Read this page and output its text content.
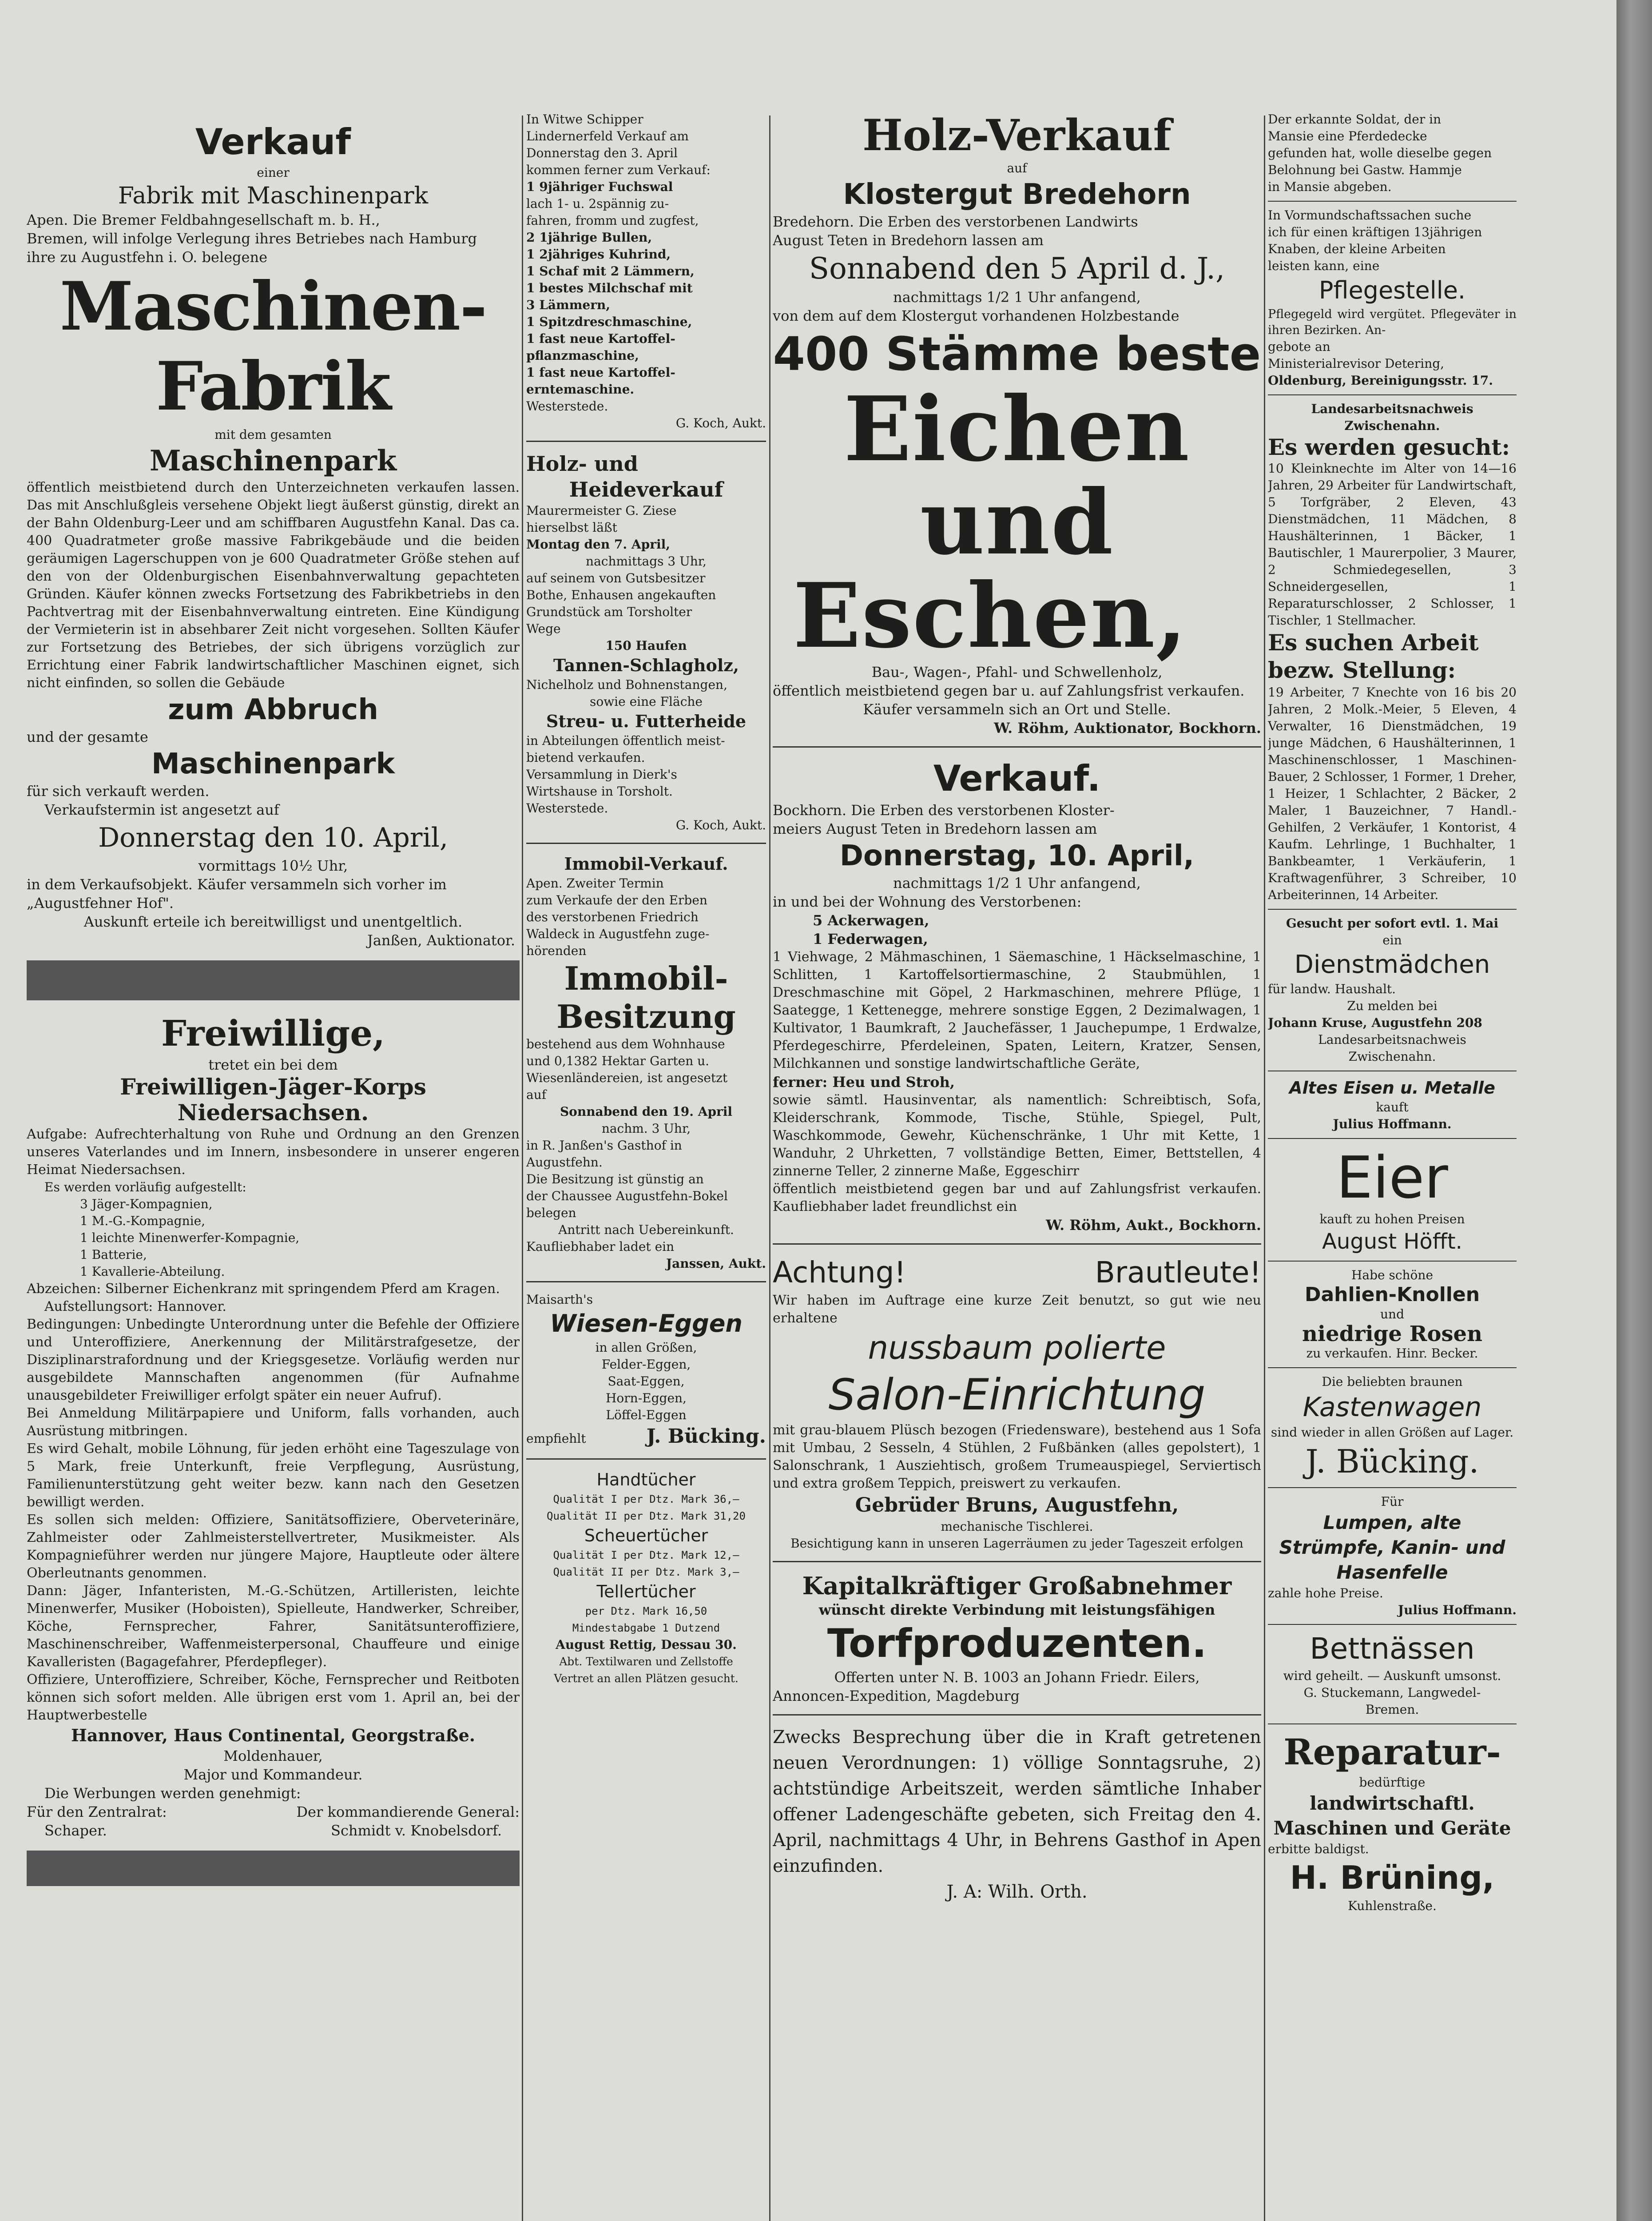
Verkauf
einer
Fabrik mit Maschinenpark
Apen. Die Bremer Feldbahngesellschaft m. b. H.,
Bremen, will infolge Verlegung ihres Betriebes nach Hamburg
ihre zu Augustfehn i. O. belegene
Maschinen-Fabrik
mit dem gesamten
Maschinenpark

öffentlich meistbietend durch den Unterzeichneten verkaufen lassen. Das mit Anschlußgleis versehene Objekt liegt äußerst günstig, direkt an der Bahn Oldenburg-Leer und am schiffbaren Augustfehn Kanal. Das ca. 400 Quadratmeter große massive Fabrikgebäude und die beiden geräumigen Lagerschuppen von je 600 Quadratmeter Größe stehen auf den von der Oldenburgischen Eisenbahnverwaltung gepachteten Gründen. Käufer können zwecks Fortsetzung des Fabrikbetriebs in den Pachtvertrag mit der Eisenbahnverwaltung eintreten. Eine Kündigung der Vermieterin ist in absehbarer Zeit nicht vorgesehen. Sollten Käufer zur Fortsetzung des Betriebes, der sich übrigens vorzüglich zur Errichtung einer Fabrik landwirtschaftlicher Maschinen eignet, sich nicht einfinden, so sollen die Gebäude

zum Abbruch
und der gesamte
Maschinenpark
für sich verkauft werden.
Verkaufstermin ist angesetzt auf
Donnerstag den 10. April,
vormittags 10½ Uhr,
in dem Verkaufsobjekt. Käufer versammeln sich vorher im
„Augustfehner Hof".
Auskunft erteile ich bereitwilligst und unentgeltlich.
Janßen, Auktionator.
Freiwillige,
tretet ein bei dem
Freiwilligen-Jäger-Korps Niedersachsen.

Aufgabe: Aufrechterhaltung von Ruhe und Ordnung an den Grenzen unseres Vaterlandes und im Innern, insbesondere in unserer engeren Heimat Niedersachsen.

Es werden vorläufig aufgestellt:
3 Jäger-Kompagnien,
1 M.-G.-Kompagnie,
1 leichte Minenwerfer-Kompagnie,
1 Batterie,
1 Kavallerie-Abteilung.

Abzeichen: Silberner Eichenkranz mit springendem Pferd am Kragen.

Aufstellungsort: Hannover.

Bedingungen: Unbedingte Unterordnung unter die Befehle der Offiziere und Unteroffiziere, Anerkennung der Militärstrafgesetze, der Disziplinarstrafordnung und der Kriegsgesetze. Vorläufig werden nur ausgebildete Mannschaften angenommen (für Aufnahme unausgebildeter Freiwilliger erfolgt später ein neuer Aufruf).

Bei Anmeldung Militärpapiere und Uniform, falls vorhanden, auch Ausrüstung mitbringen.

Es wird Gehalt, mobile Löhnung, für jeden erhöht eine Tageszulage von 5 Mark, freie Unterkunft, freie Verpflegung, Ausrüstung, Familienunterstützung geht weiter bezw. kann nach den Gesetzen bewilligt werden.

Es sollen sich melden: Offiziere, Sanitätsoffiziere, Oberveterinäre, Zahlmeister oder Zahlmeisterstellvertreter, Musikmeister. Als Kompagnieführer werden nur jüngere Majore, Hauptleute oder ältere Oberleutnants genommen.

Dann: Jäger, Infanteristen, M.-G.-Schützen, Artilleristen, leichte Minenwerfer, Musiker (Hoboisten), Spielleute, Handwerker, Schreiber, Köche, Fernsprecher, Fahrer, Sanitätsunteroffiziere, Maschinenschreiber, Waffenmeisterpersonal, Chauffeure und einige Kavalleristen (Bagagefahrer, Pferdepfleger).

Offiziere, Unteroffiziere, Schreiber, Köche, Fernsprecher und Reitboten können sich sofort melden. Alle übrigen erst vom 1. April an, bei der Hauptwerbestelle

Hannover, Haus Continental, Georgstraße.
Moldenhauer,
Major und Kommandeur.
Die Werbungen werden genehmigt:
Für den Zentralrat:	Der kommandierende General:
Schaper.	Schmidt v. Knobelsdorf.
In Witwe Schipper
Lindernerfeld Verkauf am
Donnerstag den 3. April
kommen ferner zum Verkauf:
1 9jähriger Fuchswal
lach 1- u. 2spännig zu-
fahren, fromm und zugfest,
2 1jährige Bullen,
1 2jähriges Kuhrind,
1 Schaf mit 2 Lämmern,
1 bestes Milchschaf mit
3 Lämmern,
1 Spitzdreschmaschine,
1 fast neue Kartoffel-
pflanzmaschine,
1 fast neue Kartoffel-
erntemaschine.
Westerstede.
G. Koch, Aukt.
Holz- und
Heideverkauf
Maurermeister G. Ziese
hierselbst läßt
Montag den 7. April,
nachmittags 3 Uhr,
auf seinem von Gutsbesitzer
Bothe, Enhausen angekauften
Grundstück am Torsholter
Wege
150 Haufen
Tannen-Schlagholz,
Nichelholz und Bohnenstangen,
sowie eine Fläche
Streu- u. Futterheide
in Abteilungen öffentlich meist-
bietend verkaufen.
Versammlung in Dierk's
Wirtshause in Torsholt.
Westerstede.
G. Koch, Aukt.
Immobil-Verkauf.
Apen. Zweiter Termin
zum Verkaufe der den Erben
des verstorbenen Friedrich
Waldeck in Augustfehn zuge-
hörenden
Immobil-Besitzung
bestehend aus dem Wohnhause
und 0,1382 Hektar Garten u.
Wiesenländereien, ist angesetzt
auf
Sonnabend den 19. April
nachm. 3 Uhr,
in R. Janßen's Gasthof in
Augustfehn.
Die Besitzung ist günstig an
der Chaussee Augustfehn-Bokel
belegen
Antritt nach Uebereinkunft.
Kaufliebhaber ladet ein
Janssen, Aukt.
Maisarth's
Wiesen-Eggen
in allen Größen,
Felder-Eggen,
Saat-Eggen,
Horn-Eggen,
Löffel-Eggen
empfiehlt	J. Bücking.
Handtücher
Qualität I per Dtz. Mark 36,—
Qualität II per Dtz. Mark 31,20
Scheuertücher
Qualität I per Dtz. Mark 12,—
Qualität II per Dtz. Mark 3,—
Tellertücher
per Dtz. Mark 16,50
Mindestabgabe 1 Dutzend
August Rettig, Dessau 30.
Abt. Textilwaren und Zellstoffe
Vertret an allen Plätzen gesucht.
Holz-Verkauf
auf
Klostergut Bredehorn
Bredehorn. Die Erben des verstorbenen Landwirts
August Teten in Bredehorn lassen am
Sonnabend den 5 April d. J.,
nachmittags 1/2 1 Uhr anfangend,
von dem auf dem Klostergut vorhandenen Holzbestande
400 Stämme beste
Eichen und
Eschen,
Bau-, Wagen-, Pfahl- und Schwellenholz,
öffentlich meistbietend gegen bar u. auf Zahlungsfrist verkaufen.
Käufer versammeln sich an Ort und Stelle.
W. Röhm, Auktionator, Bockhorn.
Verkauf.
Bockhorn. Die Erben des verstorbenen Kloster-
meiers August Teten in Bredehorn lassen am
Donnerstag, 10. April,
nachmittags 1/2 1 Uhr anfangend,
in und bei der Wohnung des Verstorbenen:
5 Ackerwagen,
1 Federwagen,

1 Viehwage, 2 Mähmaschinen, 1 Säemaschine, 1 Häckselmaschine, 1 Schlitten, 1 Kartoffelsortiermaschine, 2 Staubmühlen, 1 Dreschmaschine mit Göpel, 2 Harkmaschinen, mehrere Pflüge, 1 Saategge, 1 Kettenegge, mehrere sonstige Eggen, 2 Dezimalwagen, 1 Kultivator, 1 Baumkraft, 2 Jauchefässer, 1 Jauchepumpe, 1 Erdwalze, Pferdegeschirre, Pferdeleinen, Spaten, Leitern, Kratzer, Sensen, Milchkannen und sonstige landwirtschaftliche Geräte,

ferner: Heu und Stroh,

sowie sämtl. Hausinventar, als namentlich: Schreibtisch, Sofa, Kleiderschrank, Kommode, Tische, Stühle, Spiegel, Pult, Waschkommode, Gewehr, Küchenschränke, 1 Uhr mit Kette, 1 Wanduhr, 2 Uhrketten, 7 vollständige Betten, Eimer, Bettstellen, 4 zinnerne Teller, 2 zinnerne Maße, Eggeschirr

öffentlich meistbietend gegen bar und auf Zahlungsfrist verkaufen. Kaufliebhaber ladet freundlichst ein

W. Röhm, Aukt., Bockhorn.
Achtung!	Brautleute!

Wir haben im Auftrage eine kurze Zeit benutzt, so gut wie neu erhaltene

nussbaum polierte
Salon-Einrichtung

mit grau-blauem Plüsch bezogen (Friedensware), bestehend aus 1 Sofa mit Umbau, 2 Sesseln, 4 Stühlen, 2 Fußbänken (alles gepolstert), 1 Salonschrank, 1 Ausziehtisch, großem Trumeauspiegel, Serviertisch und extra großem Teppich, preiswert zu verkaufen.

Gebrüder Bruns, Augustfehn,
mechanische Tischlerei.
Besichtigung kann in unseren Lagerräumen zu jeder Tageszeit erfolgen
Kapitalkräftiger Großabnehmer
wünscht direkte Verbindung mit leistungsfähigen
Torfproduzenten.
Offerten unter N. B. 1003 an Johann Friedr. Eilers,
Annoncen-Expedition, Magdeburg

Zwecks Besprechung über die in Kraft getretenen neuen Verordnungen: 1) völlige Sonntagsruhe, 2) achtstündige Arbeitszeit, werden sämtliche Inhaber offener Ladengeschäfte gebeten, sich Freitag den 4. April, nachmittags 4 Uhr, in Behrens Gasthof in Apen einzufinden.

J. A: Wilh. Orth.
Der erkannte Soldat, der in
Mansie eine Pferdedecke
gefunden hat, wolle dieselbe gegen
Belohnung bei Gastw. Hammje
in Mansie abgeben.
In Vormundschaftssachen suche
ich für einen kräftigen 13jährigen
Knaben, der kleine Arbeiten
leisten kann, eine
Pflegestelle.

Pflegegeld wird vergütet. Pflegeväter in ihren Bezirken. An-

gebote an
Ministerialrevisor Detering,
Oldenburg, Bereinigungsstr. 17.
Landesarbeitsnachweis Zwischenahn.
Es werden gesucht:

10 Kleinknechte im Alter von 14—16 Jahren, 29 Arbeiter für Landwirtschaft, 5 Torfgräber, 2 Eleven, 43 Dienstmädchen, 11 Mädchen, 8 Haushälterinnen, 1 Bäcker, 1 Bautischler, 1 Maurerpolier, 3 Maurer, 2 Schmiedegesellen, 3 Schneidergesellen, 1 Reparaturschlosser, 2 Schlosser, 1 Tischler, 1 Stellmacher.

Es suchen Arbeit bezw. Stellung:

19 Arbeiter, 7 Knechte von 16 bis 20 Jahren, 2 Molk.-Meier, 5 Eleven, 4 Verwalter, 16 Dienstmädchen, 19 junge Mädchen, 6 Haushälterinnen, 1 Maschinenschlosser, 1 Maschinen-Bauer, 2 Schlosser, 1 Former, 1 Dreher, 1 Heizer, 1 Schlachter, 2 Bäcker, 2 Maler, 1 Bauzeichner, 7 Handl.-Gehilfen, 2 Verkäufer, 1 Kontorist, 4 Kaufm. Lehrlinge, 1 Buchhalter, 1 Bankbeamter, 1 Verkäuferin, 1 Kraftwagenführer, 3 Schreiber, 10 Arbeiterinnen, 14 Arbeiter.

Gesucht per sofort evtl. 1. Mai
ein
Dienstmädchen
für landw. Haushalt.
Zu melden bei
Johann Kruse, Augustfehn 208
Landesarbeitsnachweis
Zwischenahn.
Altes Eisen u. Metalle
kauft
Julius Hoffmann.
Eier
kauft zu hohen Preisen
August Höfft.
Habe schöne
Dahlien-Knollen
und
niedrige Rosen
zu verkaufen. Hinr. Becker.
Die beliebten braunen
Kastenwagen
sind wieder in allen Größen auf Lager.
J. Bücking.
Für
Lumpen, alte Strümpfe, Kanin- und Hasenfelle
zahle hohe Preise.
Julius Hoffmann.
Bettnässen
wird geheilt. — Auskunft umsonst.
G. Stuckemann, Langwedel-
Bremen.
Reparatur-
bedürftige
landwirtschaftl. Maschinen und Geräte
erbitte baldigst.
H. Brüning,
Kuhlenstraße.
